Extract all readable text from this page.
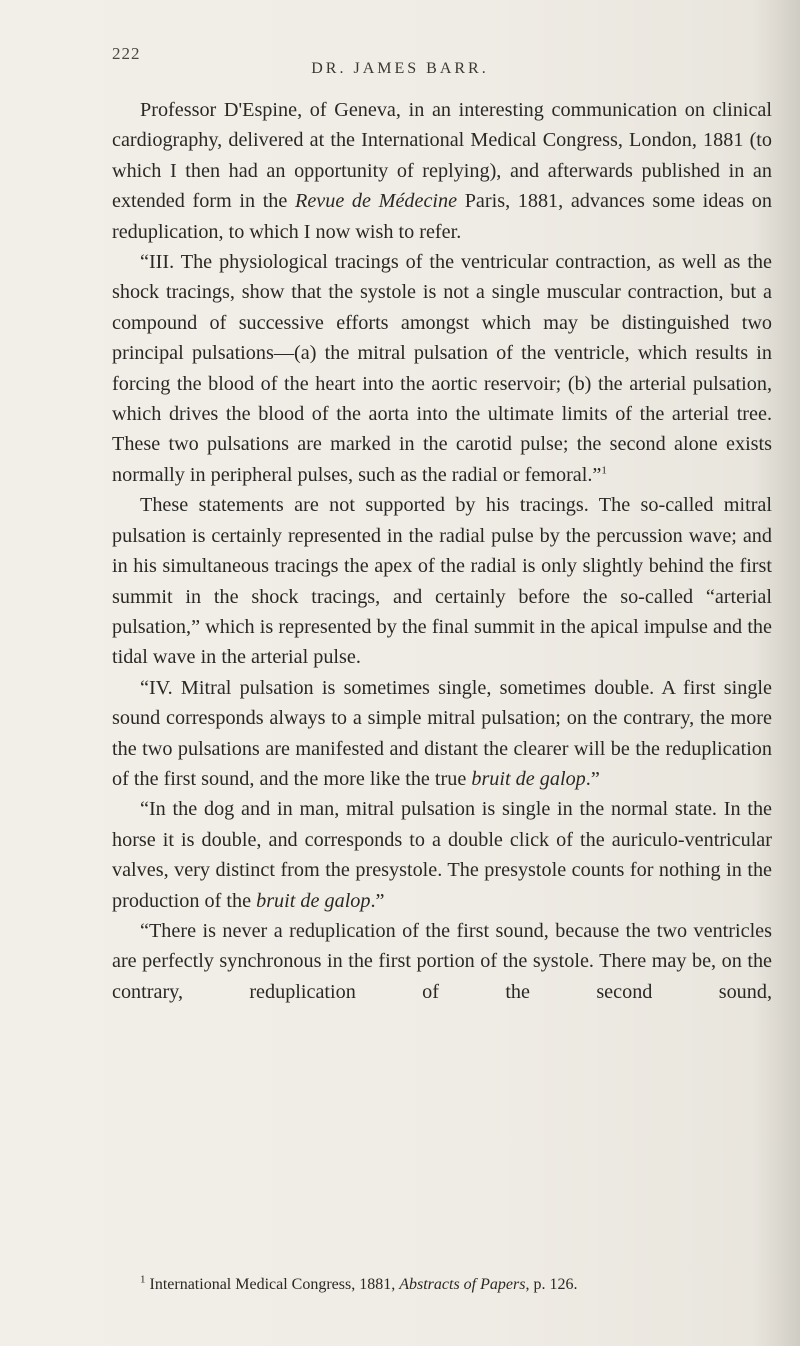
222
DR. JAMES BARR.

Professor D'Espine, of Geneva, in an interesting communication on clinical cardiography, delivered at the International Medical Congress, London, 1881 (to which I then had an opportunity of replying), and afterwards published in an extended form in the Revue de Médecine Paris, 1881, advances some ideas on reduplication, to which I now wish to refer.

“III. The physiological tracings of the ventricular contraction, as well as the shock tracings, show that the systole is not a single muscular contraction, but a compound of successive efforts amongst which may be distinguished two principal pulsations—(a) the mitral pulsation of the ventricle, which results in forcing the blood of the heart into the aortic reservoir; (b) the arterial pulsation, which drives the blood of the aorta into the ultimate limits of the arterial tree. These two pulsations are marked in the carotid pulse; the second alone exists normally in peripheral pulses, such as the radial or femoral.”$^1$

These statements are not supported by his tracings. The so-called mitral pulsation is certainly represented in the radial pulse by the percussion wave; and in his simultaneous tracings the apex of the radial is only slightly behind the first summit in the shock tracings, and certainly before the so-called “arterial pulsation,” which is represented by the final summit in the apical impulse and the tidal wave in the arterial pulse.

“IV. Mitral pulsation is sometimes single, sometimes double. A first single sound corresponds always to a simple mitral pulsation; on the contrary, the more the two pulsations are manifested and distant the clearer will be the reduplication of the first sound, and the more like the true bruit de galop.”

“In the dog and in man, mitral pulsation is single in the normal state. In the horse it is double, and corresponds to a double click of the auriculo-ventricular valves, very distinct from the presystole. The presystole counts for nothing in the production of the bruit de galop.”

“There is never a reduplication of the first sound, because the two ventricles are perfectly synchronous in the first portion of the systole. There may be, on the contrary, reduplication of the second sound,

$^1$ International Medical Congress, 1881, Abstracts of Papers, p. 126.
